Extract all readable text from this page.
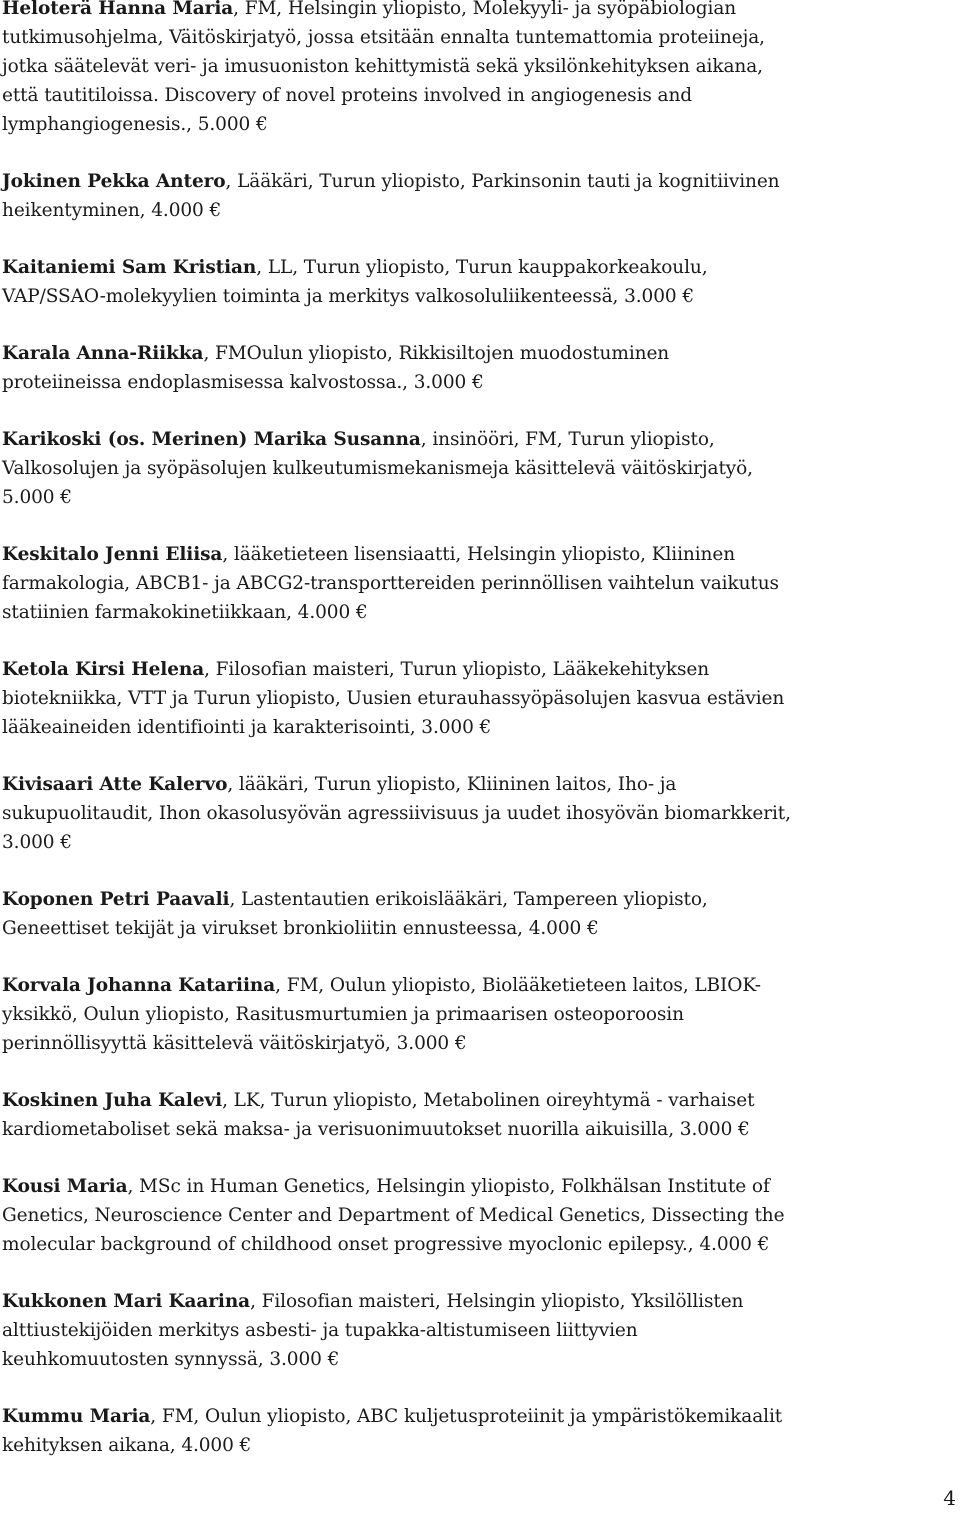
Heloterä Hanna Maria, FM, Helsingin yliopisto, Molekyyli- ja syöpäbiologian tutkimusohjelma, Väitöskirjatyö, jossa etsitään ennalta tuntemattomia proteiineja, jotka säätelevät veri- ja imusuoniston kehittymistä sekä yksilönkehityksen aikana, että tautitiloissa. Discovery of novel proteins involved in angiogenesis and lymphangiogenesis., 5.000 €

Jokinen Pekka Antero, Lääkäri, Turun yliopisto, Parkinsonin tauti ja kognitiivinen heikentyminen, 4.000 €

Kaitaniemi Sam Kristian, LL, Turun yliopisto, Turun kauppakorkeakoulu, VAP/SSAO-molekyylien toiminta ja merkitys valkosoluliikenteessä, 3.000 €

Karala Anna-Riikka, FMOulun yliopisto, Rikkisiltojen muodostuminen proteiineissa endoplasmisessa kalvostossa., 3.000 €

Karikoski (os. Merinen) Marika Susanna, insinööri, FM, Turun yliopisto, Valkosolujen ja syöpäsolujen kulkeutumismekanismeja käsittelevä väitöskirjatyö, 5.000 €

Keskitalo Jenni Eliisa, lääketieteen lisensiaatti, Helsingin yliopisto, Kliininen farmakologia, ABCB1- ja ABCG2-transporttereiden perinnöllisen vaihtelun vaikutus statiinien farmakokinetiikkaan, 4.000 €

Ketola Kirsi Helena, Filosofian maisteri, Turun yliopisto, Lääkekehityksen biotekniikka, VTT ja Turun yliopisto, Uusien eturauhassyöpäsolujen kasvua estävien lääkeaineiden identifiointi ja karakterisointi, 3.000 €

Kivisaari Atte Kalervo, lääkäri, Turun yliopisto, Kliininen laitos, Iho- ja sukupuolitaudit, Ihon okasolusyövän agressiivisuus ja uudet ihosyövän biomarkkerit, 3.000 €

Koponen Petri Paavali, Lastentautien erikoislääkäri, Tampereen yliopisto, Geneettiset tekijät ja virukset bronkioliitin ennusteessa, 4.000 €

Korvala Johanna Katariina, FM, Oulun yliopisto, Biolääketieteen laitos, LBIOK-yksikkö, Oulun yliopisto, Rasitusmurtumien ja primaarisen osteoporoosin perinnöllisyyttä käsittelevä väitöskirjatyö, 3.000 €

Koskinen Juha Kalevi, LK, Turun yliopisto, Metabolinen oireyhtymä - varhaiset kardiometaboliset sekä maksa- ja verisuonimuutokset nuorilla aikuisilla, 3.000 €

Kousi Maria, MSc in Human Genetics, Helsingin yliopisto, Folkhälsan Institute of Genetics, Neuroscience Center and Department of Medical Genetics, Dissecting the molecular background of childhood onset progressive myoclonic epilepsy., 4.000 €

Kukkonen Mari Kaarina, Filosofian maisteri, Helsingin yliopisto, Yksilöllisten alttiustekijöiden merkitys asbesti- ja tupakka-altistumiseen liittyvien keuhkomuutosten synnyssä, 3.000 €

Kummu Maria, FM, Oulun yliopisto, ABC kuljetusproteiinit ja ympäristökemikaalit kehityksen aikana, 4.000 €

4
